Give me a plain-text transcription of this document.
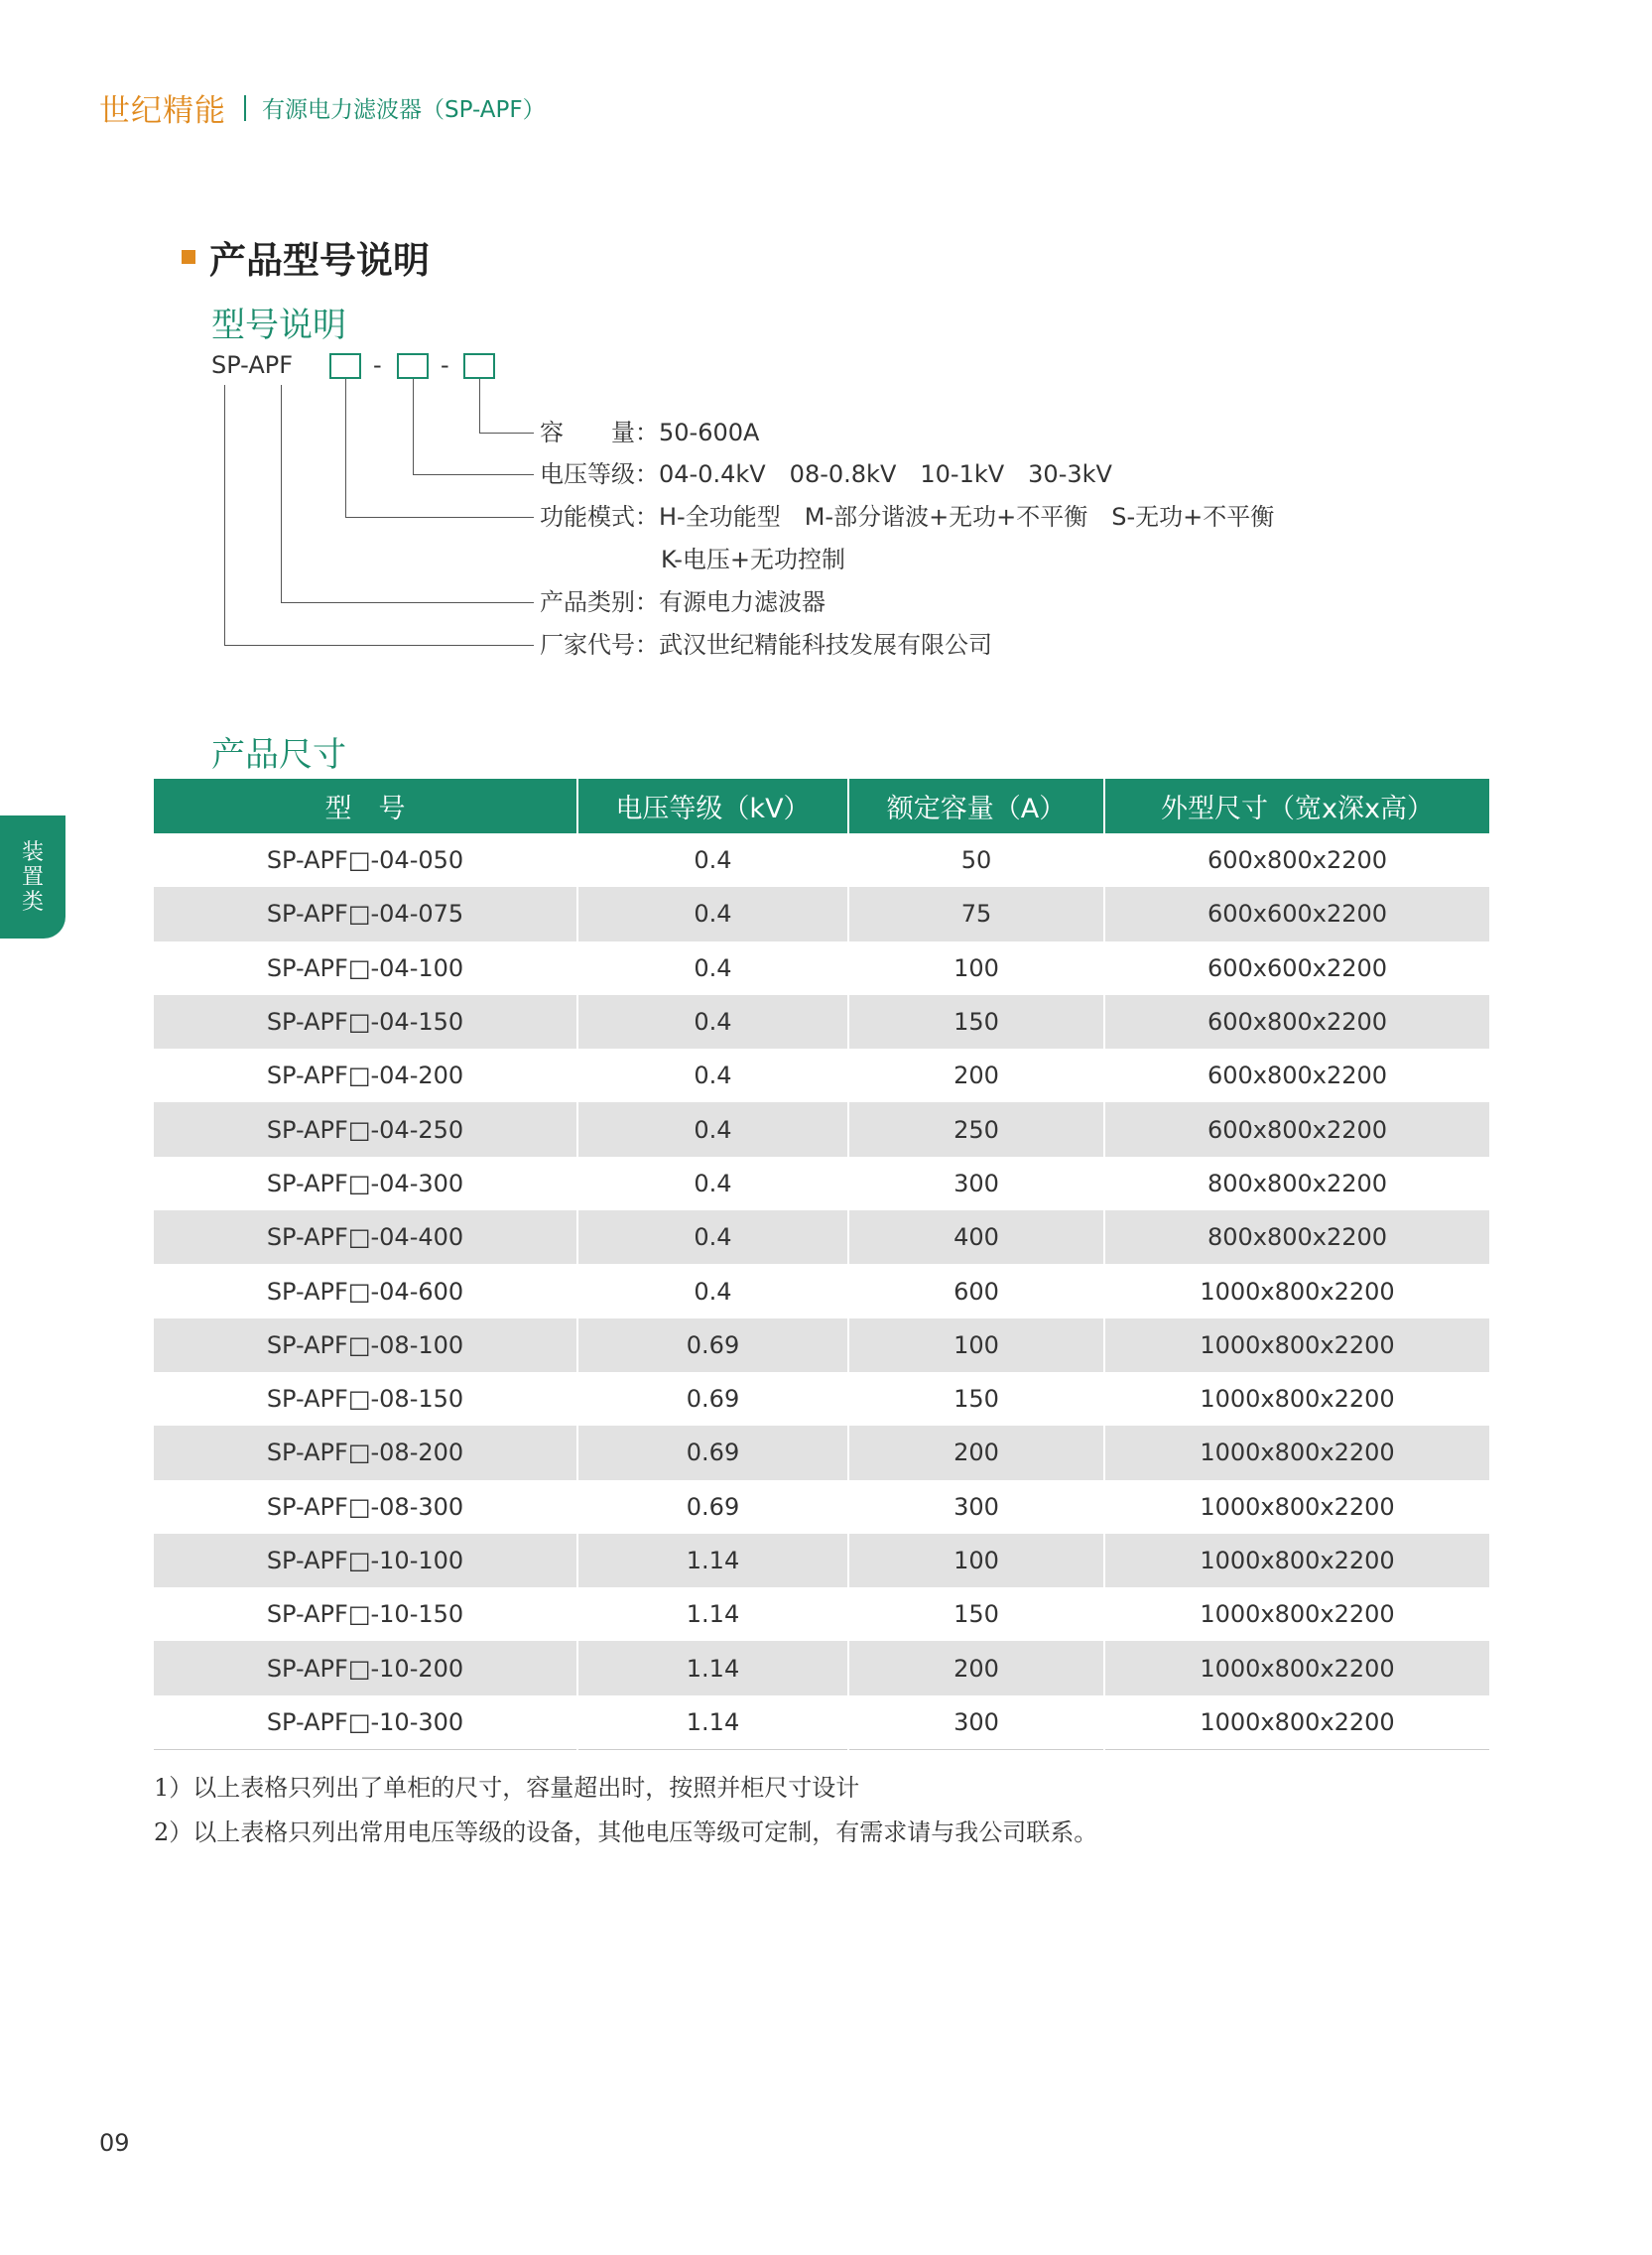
世纪精能 有源电力滤波器（SP-APF）
产品型号说明
型号说明
SP-APF	- -
容　　量：50-600A
电压等级：04-0.4kV　08-0.8kV　10-1kV　30-3kV
功能模式：H-全功能型　M-部分谐波+无功+不平衡　S-无功+不平衡
K-电压+无功控制
产品类别：有源电力滤波器
厂家代号：武汉世纪精能科技发展有限公司
产品尺寸
型　号	电压等级（kV）	额定容量（A）	外型尺寸（宽x深x高）
SP-APF□-04-050	0.4	50	600x800x2200
SP-APF□-04-075	0.4	75	600x600x2200
SP-APF□-04-100	0.4	100	600x600x2200
SP-APF□-04-150	0.4	150	600x800x2200
SP-APF□-04-200	0.4	200	600x800x2200
SP-APF□-04-250	0.4	250	600x800x2200
SP-APF□-04-300	0.4	300	800x800x2200
SP-APF□-04-400	0.4	400	800x800x2200
SP-APF□-04-600	0.4	600	1000x800x2200
SP-APF□-08-100	0.69	100	1000x800x2200
SP-APF□-08-150	0.69	150	1000x800x2200
SP-APF□-08-200	0.69	200	1000x800x2200
SP-APF□-08-300	0.69	300	1000x800x2200
SP-APF□-10-100	1.14	100	1000x800x2200
SP-APF□-10-150	1.14	150	1000x800x2200
SP-APF□-10-200	1.14	200	1000x800x2200
SP-APF□-10-300	1.14	300	1000x800x2200
1）以上表格只列出了单柜的尺寸，容量超出时，按照并柜尺寸设计
2）以上表格只列出常用电压等级的设备，其他电压等级可定制，有需求请与我公司联系。
装
置
类
09
